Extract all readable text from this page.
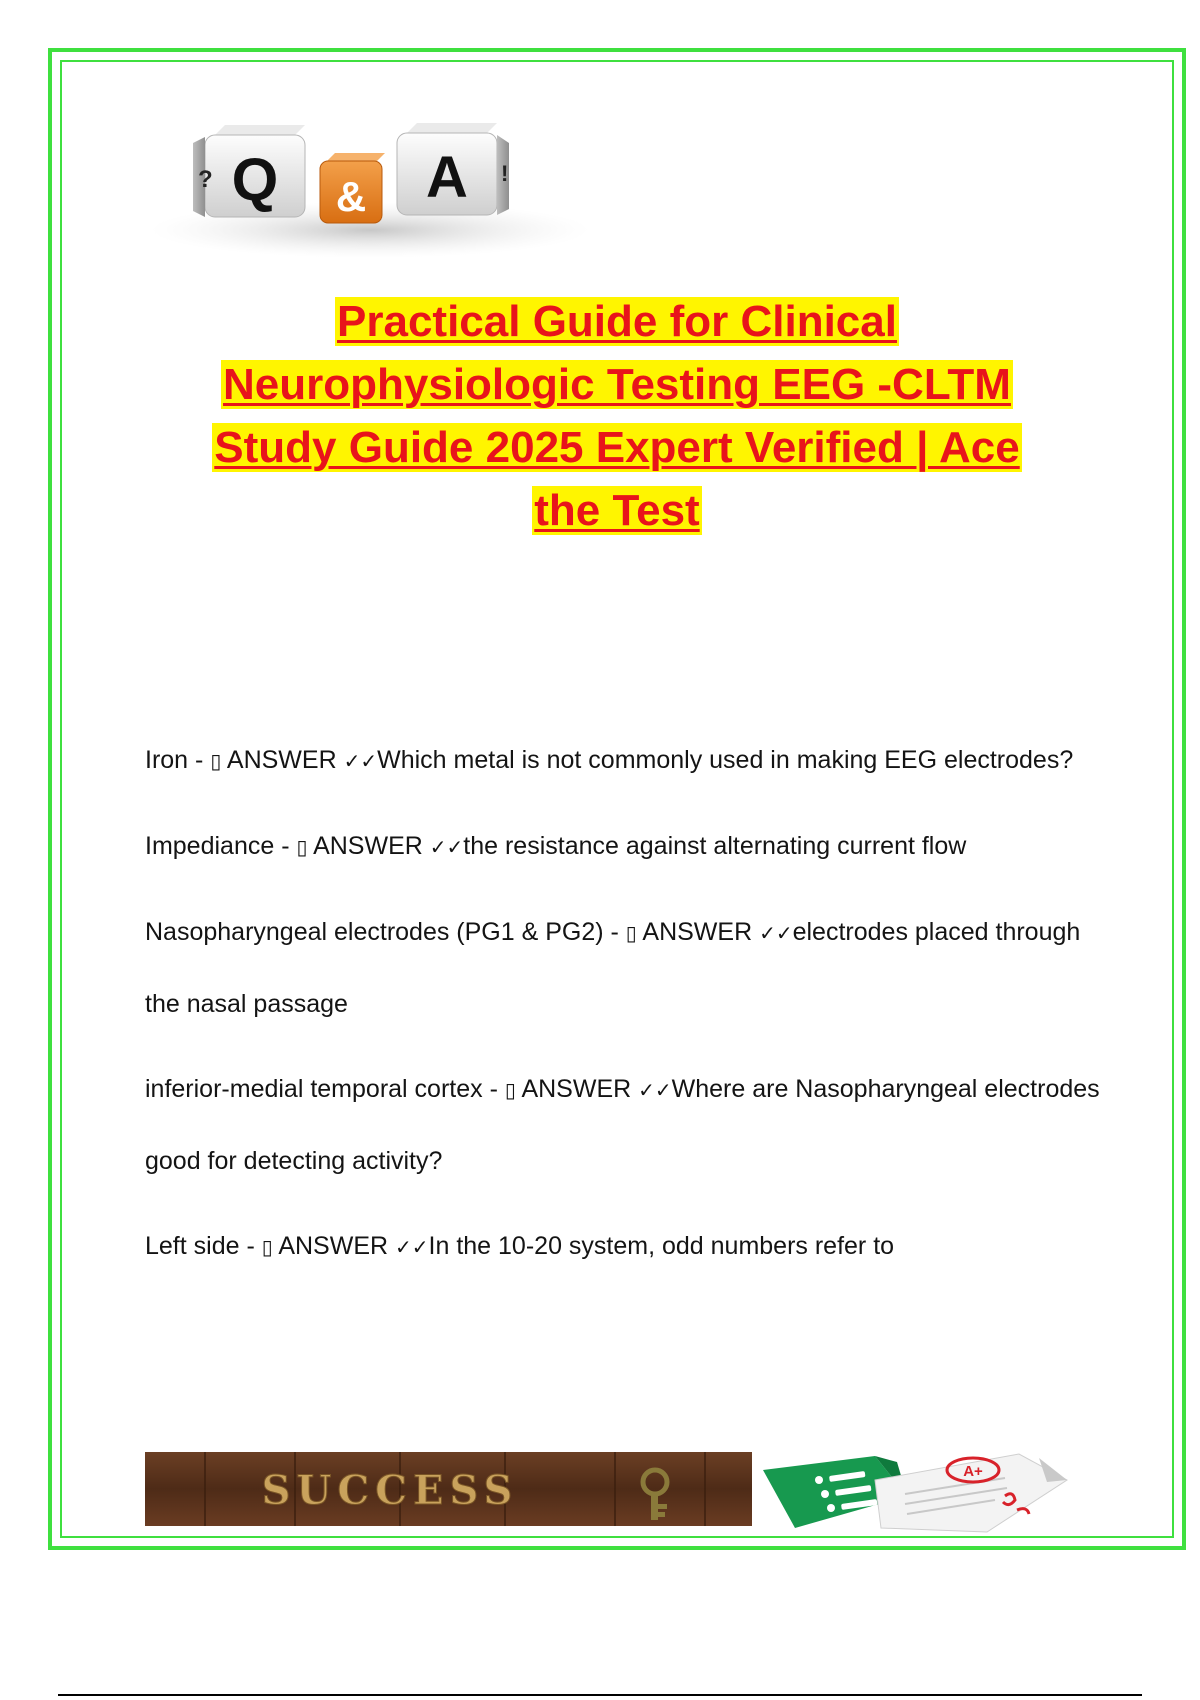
? Q & A !
Practical Guide for Clinical
Neurophysiologic Testing EEG -CLTM
Study Guide 2025 Expert Verified | Ace
the Test

Iron - ▯ ANSWER ✓✓Which metal is not commonly used in making EEG electrodes?

Impediance - ▯ ANSWER ✓✓the resistance against alternating current flow

Nasopharyngeal electrodes (PG1 & PG2) - ▯ ANSWER ✓✓electrodes placed through the nasal passage

inferior-medial temporal cortex - ▯ ANSWER ✓✓Where are Nasopharyngeal electrodes good for detecting activity?

Left side - ▯ ANSWER ✓✓In the 10-20 system, odd numbers refer to

SUCCESS	A+
